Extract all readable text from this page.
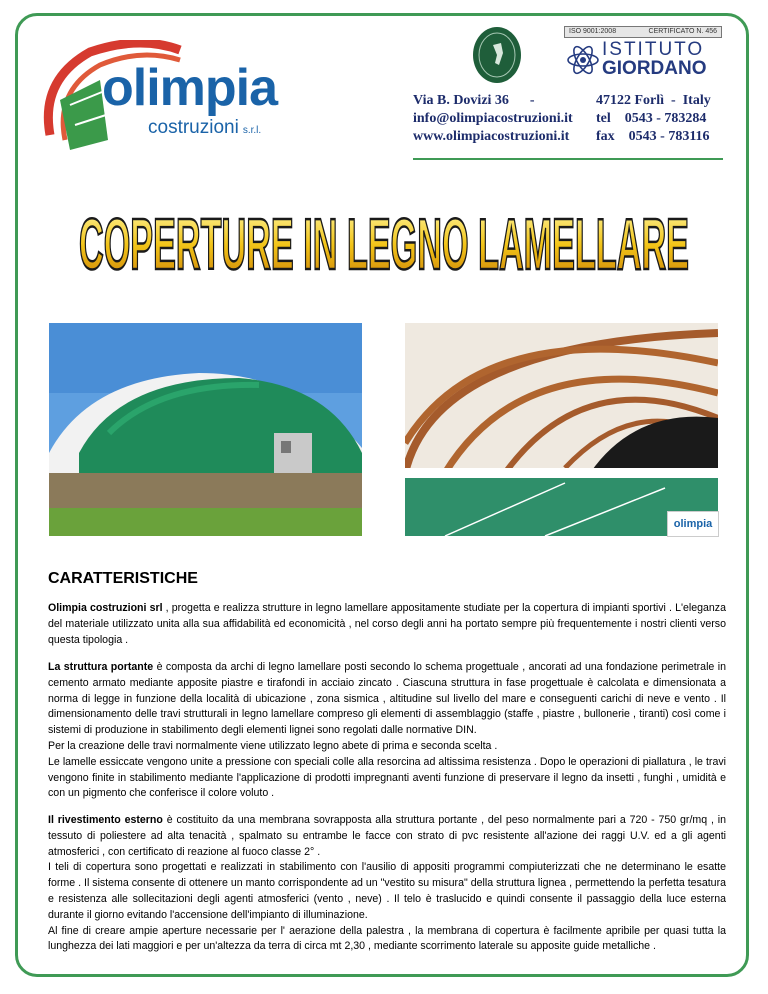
olimpia
costruzioni s.r.l.
ISO 9001:2008	CERTIFICATO N. 456
ISTITUTO
GIORDANO
Via B. Dovizi 36      -
info@olimpiacostruzioni.it
www.olimpiacostruzioni.it
47122 Forlì  -  Italy
tel    0543 - 783284
fax    0543 - 783116
COPERTURE IN LEGNO LAMELLARE
olimpia
CARATTERISTICHE

Olimpia costruzioni srl , progetta e realizza strutture in legno lamellare appositamente studiate per la copertura di impianti sportivi . L'eleganza del materiale utilizzato unita alla sua affidabilità ed economicità , nel corso degli anni ha portato sempre più frequentemente i nostri clienti verso questa tipologia .

La struttura portante è composta da archi di legno lamellare posti secondo lo schema progettuale , ancorati ad una fondazione perimetrale in cemento armato mediante apposite piastre e tirafondi in acciaio zincato . Ciascuna struttura in fase progettuale è calcolata e dimensionata a norma di legge in funzione della località di ubicazione , zona sismica , altitudine sul livello del mare e conseguenti carichi di neve e vento . Il dimensionamento delle travi strutturali in legno lamellare compreso gli elementi di assemblaggio (staffe , piastre , bullonerie , tiranti) così come i sistemi di produzione in stabilimento degli elementi lignei sono regolati dalle normative DIN.

Per la creazione delle travi normalmente viene utilizzato legno abete di prima e seconda scelta .

Le lamelle essiccate vengono unite a pressione con speciali colle alla resorcina ad altissima resistenza . Dopo le operazioni di piallatura , le travi vengono finite in stabilimento mediante l'applicazione di prodotti impregnanti aventi funzione di preservare il legno da insetti , funghi , umidità e con un pigmento che conferisce il colore voluto .

Il rivestimento esterno è costituito da una membrana sovrapposta alla struttura portante , del peso normalmente pari a 720 - 750 gr/mq , in tessuto di poliestere ad alta tenacità , spalmato su entrambe le facce con strato di pvc resistente all'azione dei raggi U.V. ed a gli agenti atmosferici , con certificato di reazione al fuoco classe 2° .

I teli di copertura sono progettati e realizzati in stabilimento con l'ausilio di appositi programmi compiuterizzati che ne determinano le esatte forme . Il sistema consente di ottenere un manto corrispondente ad un "vestito su misura" della struttura lignea , permettendo la perfetta tesatura e resistenza alle sollecitazioni degli agenti atmosferici (vento , neve) . Il telo è traslucido e quindi consente il passaggio della luce esterna durante il giorno evitando l'accensione dell'impianto di illuminazione.

Al fine di creare ampie aperture necessarie per l' aerazione della palestra , la membrana di copertura è facilmente apribile per quasi tutta la lunghezza dei lati maggiori e per un'altezza da terra di circa mt 2,30 , mediante scorrimento laterale su apposite guide metalliche .
